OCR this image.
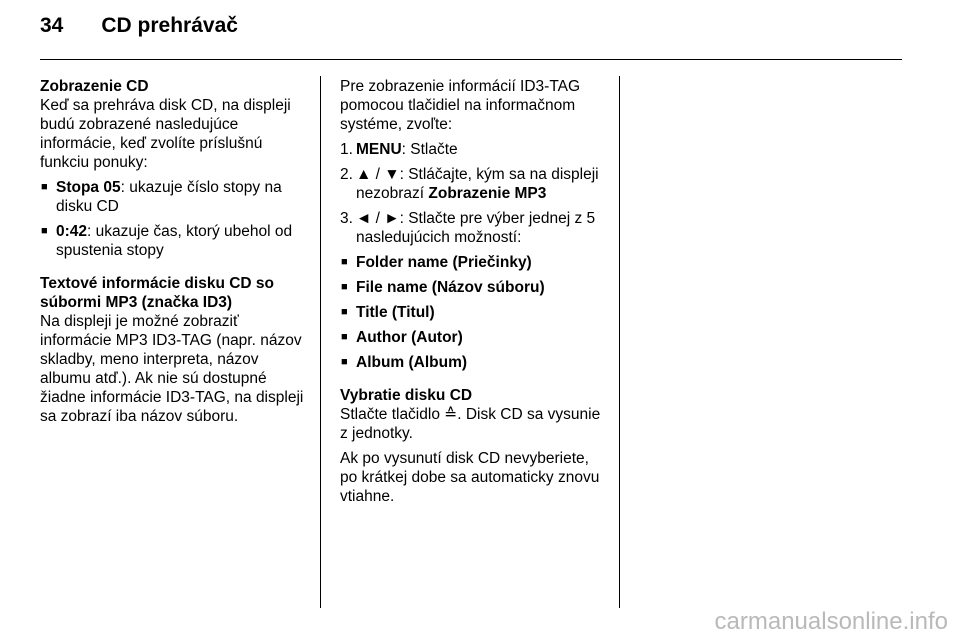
34 CD prehrávač
Zobrazenie CD

Keď sa prehráva disk CD, na displeji budú zobrazené nasledujúce informácie, keď zvolíte príslušnú funkciu ponuky:

■ Stopa 05: ukazuje číslo stopy na disku CD
■ 0:42: ukazuje čas, ktorý ubehol od spustenia stopy
Textové informácie disku CD so súbormi MP3 (značka ID3)

Na displeji je možné zobraziť informácie MP3 ID3-TAG (napr. názov skladby, meno interpreta, názov albumu atď.). Ak nie sú dostupné žiadne informácie ID3-TAG, na displeji sa zobrazí iba názov súboru.

Pre zobrazenie informácií ID3-TAG pomocou tlačidiel na informačnom systéme, zvoľte:

1. MENU: Stlačte
2. ▲ / ▼: Stláčajte, kým sa na displeji nezobrazí Zobrazenie MP3
3. ◄ / ►: Stlačte pre výber jednej z 5 nasledujúcich možností:
■ Folder name (Priečinky)
■ File name (Názov súboru)
■ Title (Titul)
■ Author (Autor)
■ Album (Album)
Vybratie disku CD

Stlačte tlačidlo ≙. Disk CD sa vysunie z jednotky.

Ak po vysunutí disk CD nevyberiete, po krátkej dobe sa automaticky znovu vtiahne.

carmanualsonline.info
